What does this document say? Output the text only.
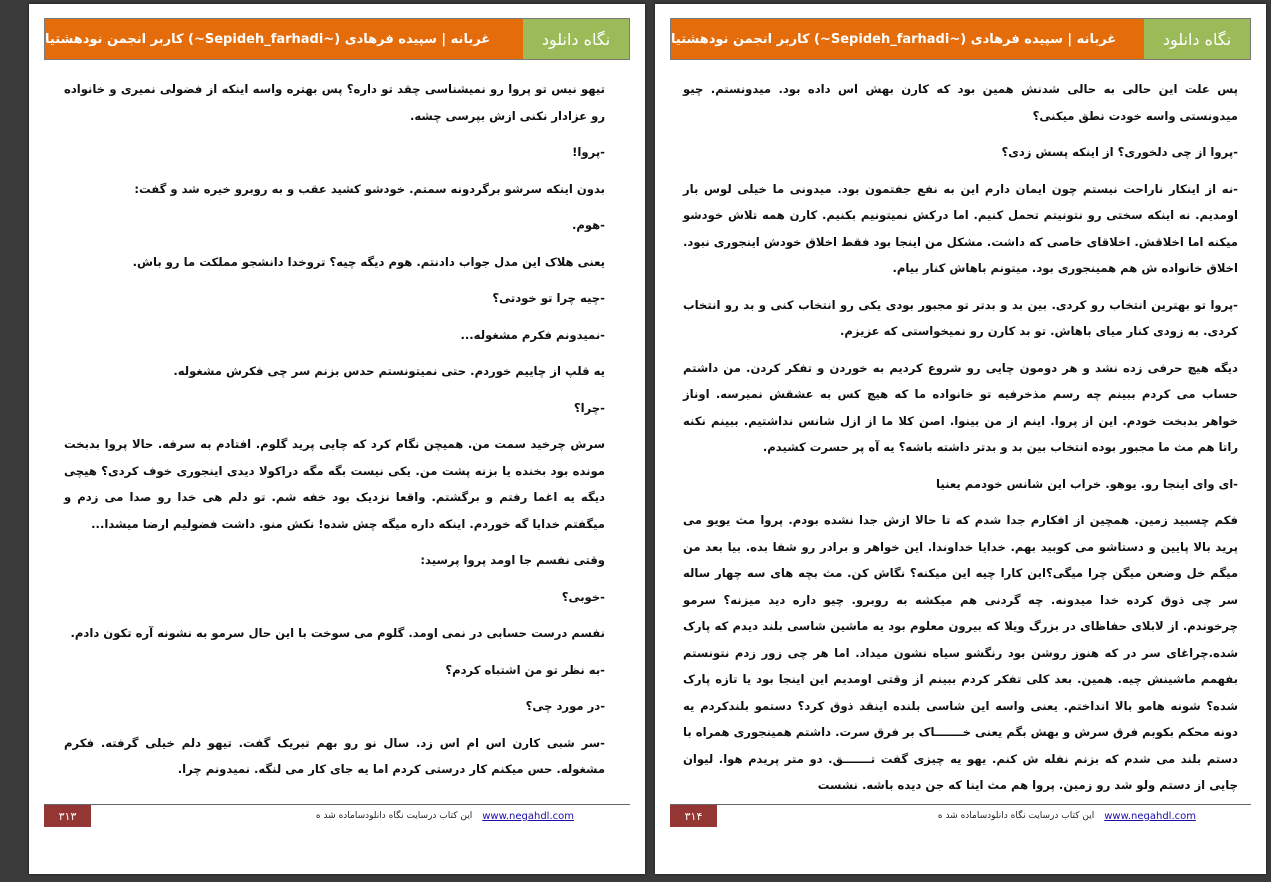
غربانه | سپیده فرهادی (~Sepideh_farhadi~) کاربر انجمن نودهشتیا	نگاه دانلود

تیهو نیس تو پروا رو نمیشناسی چقد تو داره؟ پس بهتره واسه اینکه از فضولی نمیری و خانواده رو عزادار نکنی ازش بپرسی چشه.

-پروا!

بدون اینکه سرشو برگردونه سمتم. خودشو کشید عقب و به روبرو خیره شد و گفت:

-هوم.

یعنی هلاک این مدل جواب دادنتم. هوم دیگه چیه؟ تروخدا دانشجو مملکت ما رو باش.

-چیه چرا تو خودتی؟

-نمیدونم فکرم مشغوله...

یه قلپ از چاییم خوردم. حتی نمیتونستم حدس بزنم سر چی فکرش مشغوله.

-چرا؟

سرش چرخید سمت من. همیچن نگام کرد که چایی پرید گلوم. افتادم به سرفه. حالا پروا بدبخت مونده بود بخنده یا بزنه پشت من. یکی نیست بگه مگه دراکولا دیدی اینجوری خوف کردی؟ هیچی دیگه یه اغما رفتم و برگشتم. واقعا نزدیک بود خفه شم. تو دلم هی خدا رو صدا می زدم و میگفتم خدایا گه خوردم. اینکه داره میگه چش شده! نکش منو. داشت فضولیم ارضا میشدا...

وقتی نفسم جا اومد پروا پرسید:

-خوبی؟

نفسم درست حسابی در نمی اومد. گلوم می سوخت با این حال سرمو به نشونه آره تکون دادم.

-به نظر تو من اشتباه کردم؟

-در مورد چی؟

-سر شبی کارن اس ام اس زد. سال نو رو بهم تبریک گفت. تیهو دلم خیلی گرفته. فکرم مشغوله. حس میکنم کار درستی کردم اما یه جای کار می لنگه. نمیدونم چرا.

۳۱۳	این کتاب درسایت نگاه دانلودساماده شد ه www.negahdl.com
غربانه | سپیده فرهادی (~Sepideh_farhadi~) کاربر انجمن نودهشتیا	نگاه دانلود

پس علت این حالی به حالی شدنش همین بود که کارن بهش اس داده بود. میدونستم. چیو میدونستی واسه خودت نطق میکنی؟

-پروا از چی دلخوری؟ از اینکه پسش زدی؟

-نه از اینکار ناراحت نیستم چون ایمان دارم این به نفع جفتمون بود. میدونی ما خیلی لوس بار اومدیم. نه اینکه سختی رو نتونیتم تحمل کنیم. اما درکش نمیتونیم بکنیم. کارن همه تلاش خودشو میکنه اما اخلاقش. اخلاقای خاصی که داشت. مشکل من اینجا بود فقط اخلاق خودش اینجوری نبود. اخلاق خانواده ش هم همینجوری بود. میتونم باهاش کنار بیام.

-پروا تو بهترین انتخاب رو کردی. بین بد و بدتر تو مجبور بودی یکی رو انتخاب کنی و بد رو انتخاب کردی. به زودی کنار میای باهاش. تو بد کارن رو نمیخواستی که عزیزم.

دیگه هیچ حرفی زده نشد و هر دومون چایی رو شروع کردیم به خوردن و تفکر کردن. من داشتم حساب می کردم ببینم چه رسم مذخرفیه تو خانواده ما که هیچ کس به عشقش نمیرسه. اوناز خواهر بدبخت خودم. این از پروا. اینم از من بینوا. اصن کلا ما از ازل شانس نداشتیم. ببینم نکنه راتا هم مث ما مجبور بوده انتخاب بین بد و بدتر داشته باشه؟ یه آه پر حسرت کشیدم.

-ای وای اینجا رو. یوهو. خراب این شانس خودمم یعنیا

فکم چسبید زمین. همچین از افکارم جدا شدم که تا حالا ازش جدا نشده بودم. پروا مث یویو می پرید بالا پایین و دستاشو می کوبید بهم. خدایا خداوندا. این خواهر و برادر رو شفا بده. بیا بعد من میگم خل وضعن میگن چرا میگی؟این کارا چیه این میکنه؟ نگاش کن. مث بچه های سه چهار ساله سر چی ذوق کرده خدا میدونه. چه گردنی هم میکشه به روبرو. چیو داره دید میزنه؟ سرمو چرخوندم. از لابلای حفاظای در بزرگ ویلا که بیرون معلوم بود یه ماشین شاسی بلند دیدم که پارک شده.چراغای سر در که هنوز روشن بود رنگشو سیاه نشون میداد. اما هر چی زور زدم نتونستم بفهمم ماشینش چیه. همین. بعد کلی تفکر کردم ببینم از وقتی اومدیم این اینجا بود یا تازه پارک شده؟ شونه هامو بالا انداختم. یعنی واسه این شاسی بلنده اینقد ذوق کرد؟ دستمو بلندکردم یه دونه محکم بکوبم فرق سرش و بهش بگم یعنی خـــــــاک بر فرق سرت. داشتم همینجوری همراه با دستم بلند می شدم که بزنم نفله ش کنم. یهو یه چیزی گفت تـــــــق. دو متر پریدم هوا. لیوان چایی از دستم ولو شد رو زمین. پروا هم مث اینا که جن دیده باشه. نشست

۳۱۴	این کتاب درسایت نگاه دانلودساماده شد ه www.negahdl.com
